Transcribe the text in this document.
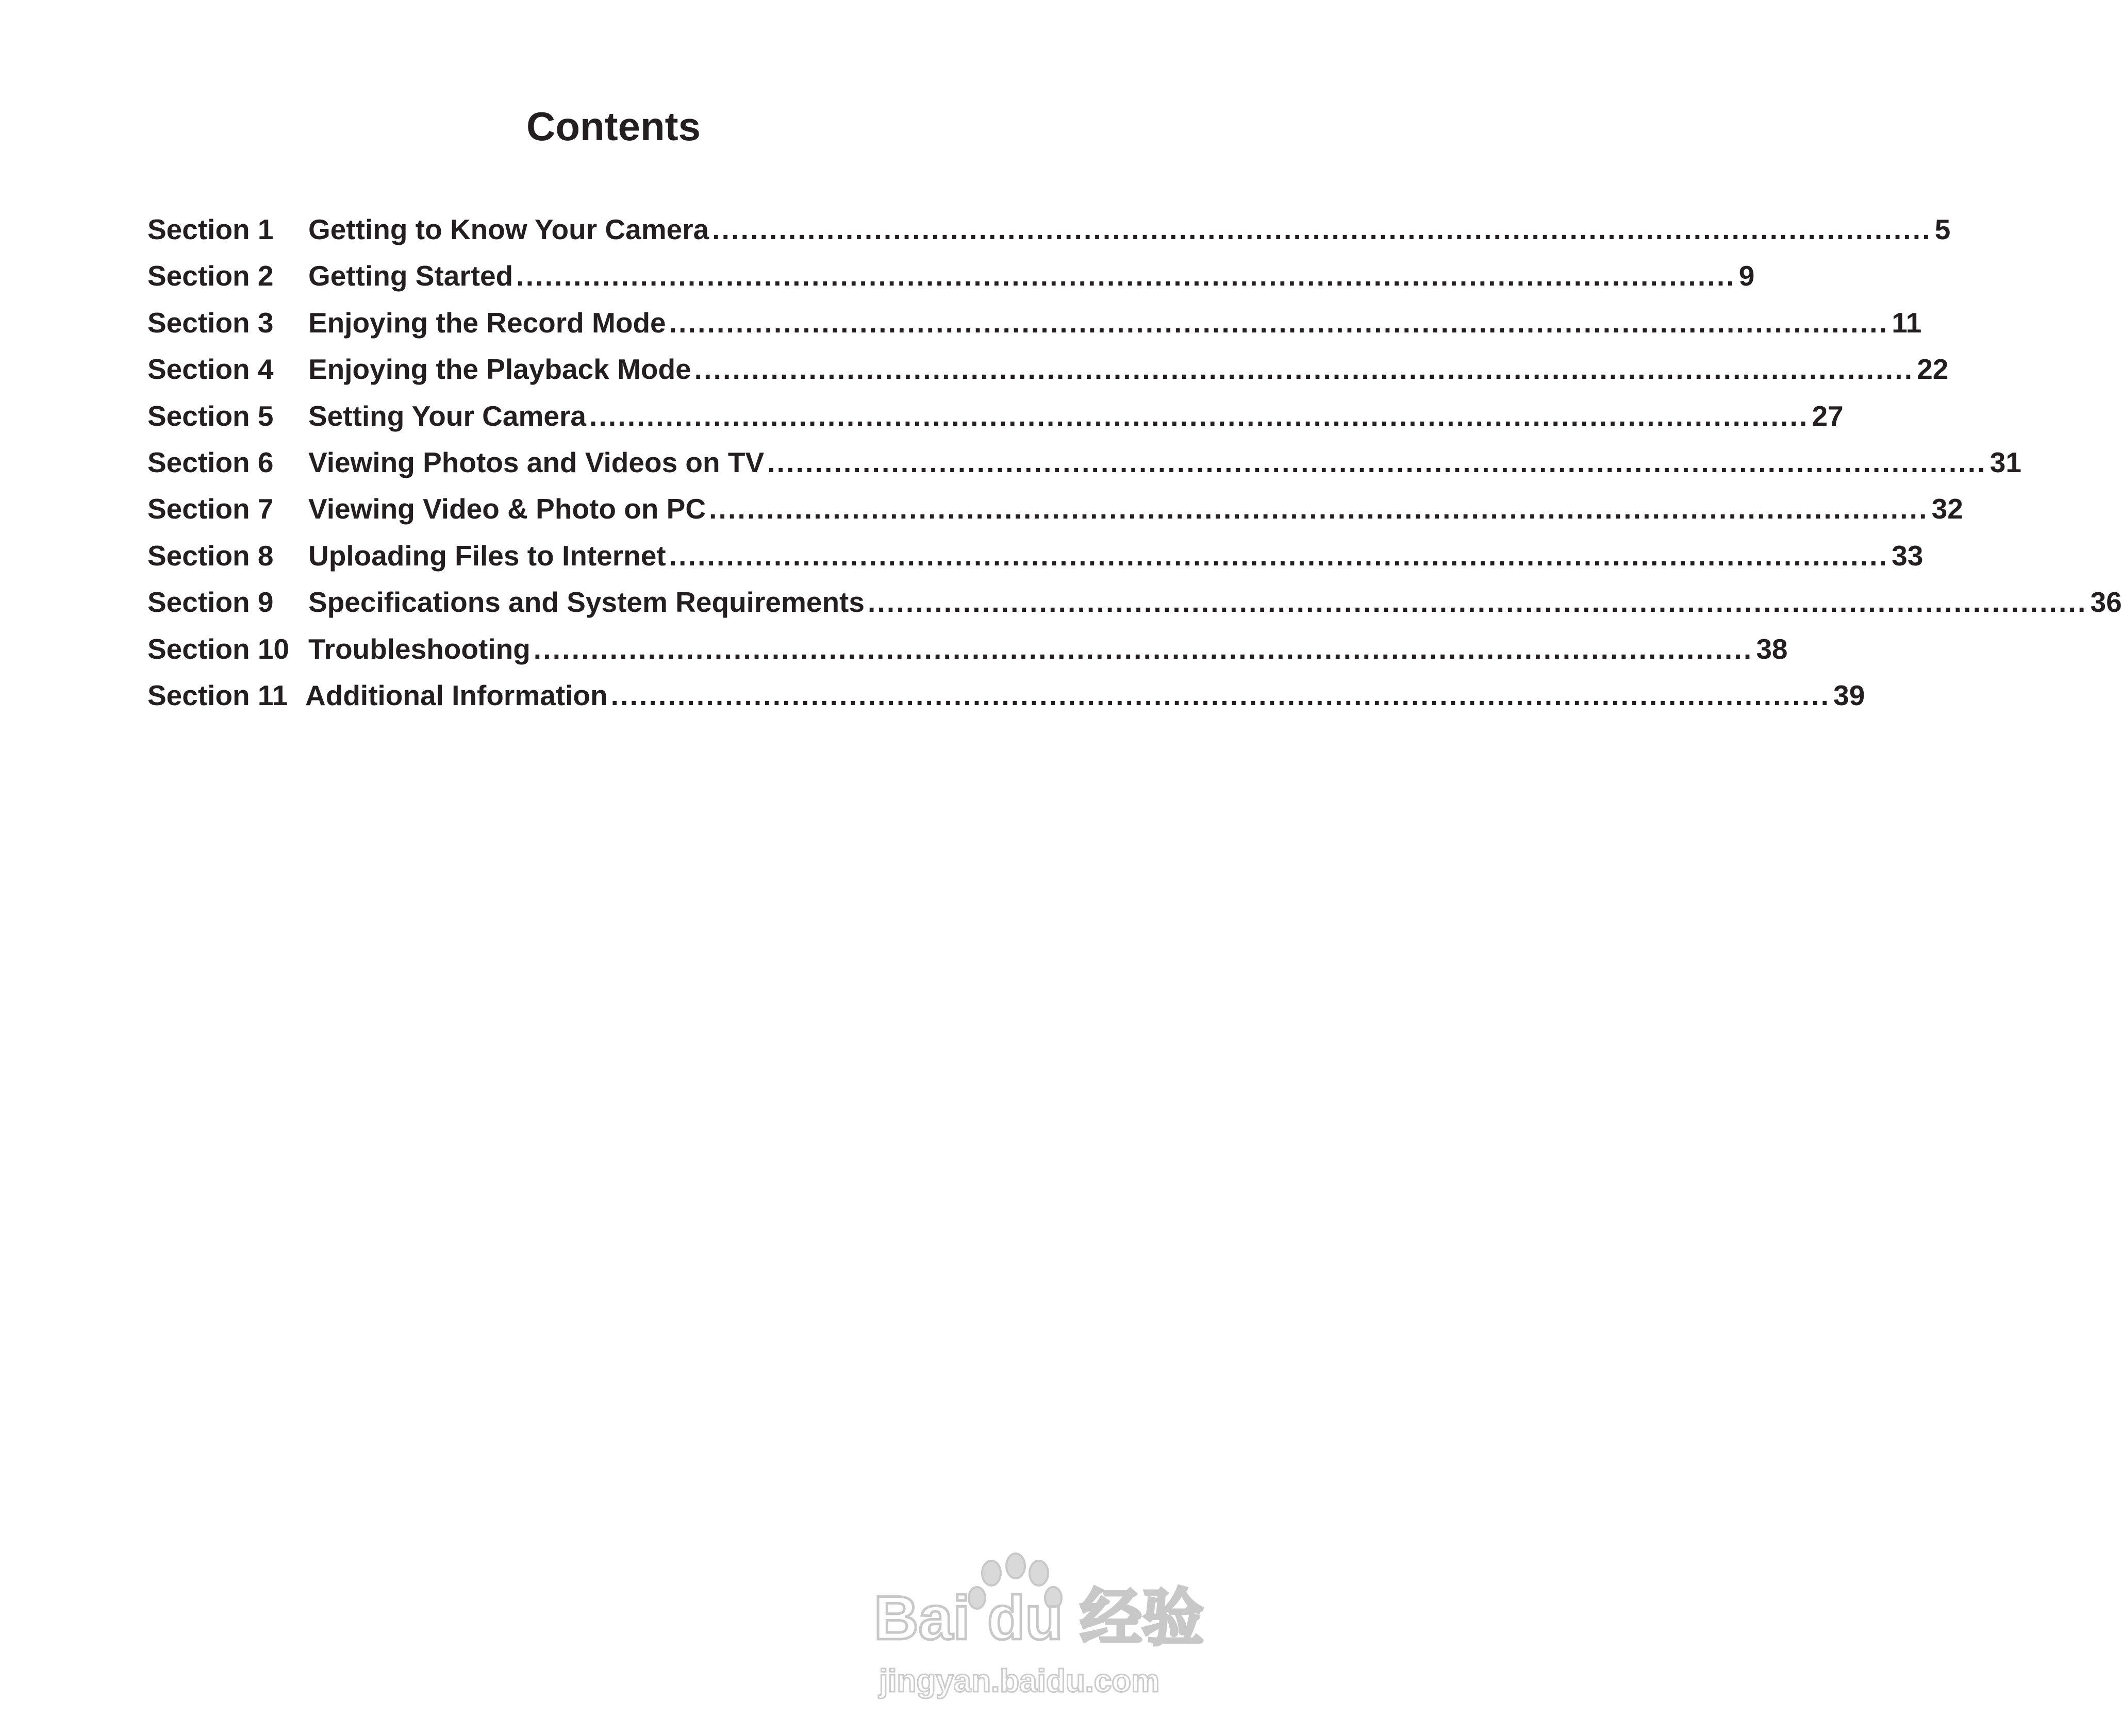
Contents
Section 1	Getting to Know Your Camera ................................................................................................................................ 5
Section 2	Getting Started ................................................................................................................................ 9
Section 3	Enjoying the Record Mode ................................................................................................................................ 11
Section 4	Enjoying the Playback Mode ................................................................................................................................ 22
Section 5	Setting Your Camera ................................................................................................................................ 27
Section 6	Viewing Photos and Videos on TV ................................................................................................................................ 31
Section 7	Viewing Video & Photo on PC ................................................................................................................................ 32
Section 8	Uploading Files to Internet ................................................................................................................................ 33
Section 9	Specifications and System Requirements ................................................................................................................................ 36
Section 10 Troubleshooting ................................................................................................................................ 38
Section 11 Additional Information ................................................................................................................................ 39
Bai du 经验
jingyan.baidu.com
